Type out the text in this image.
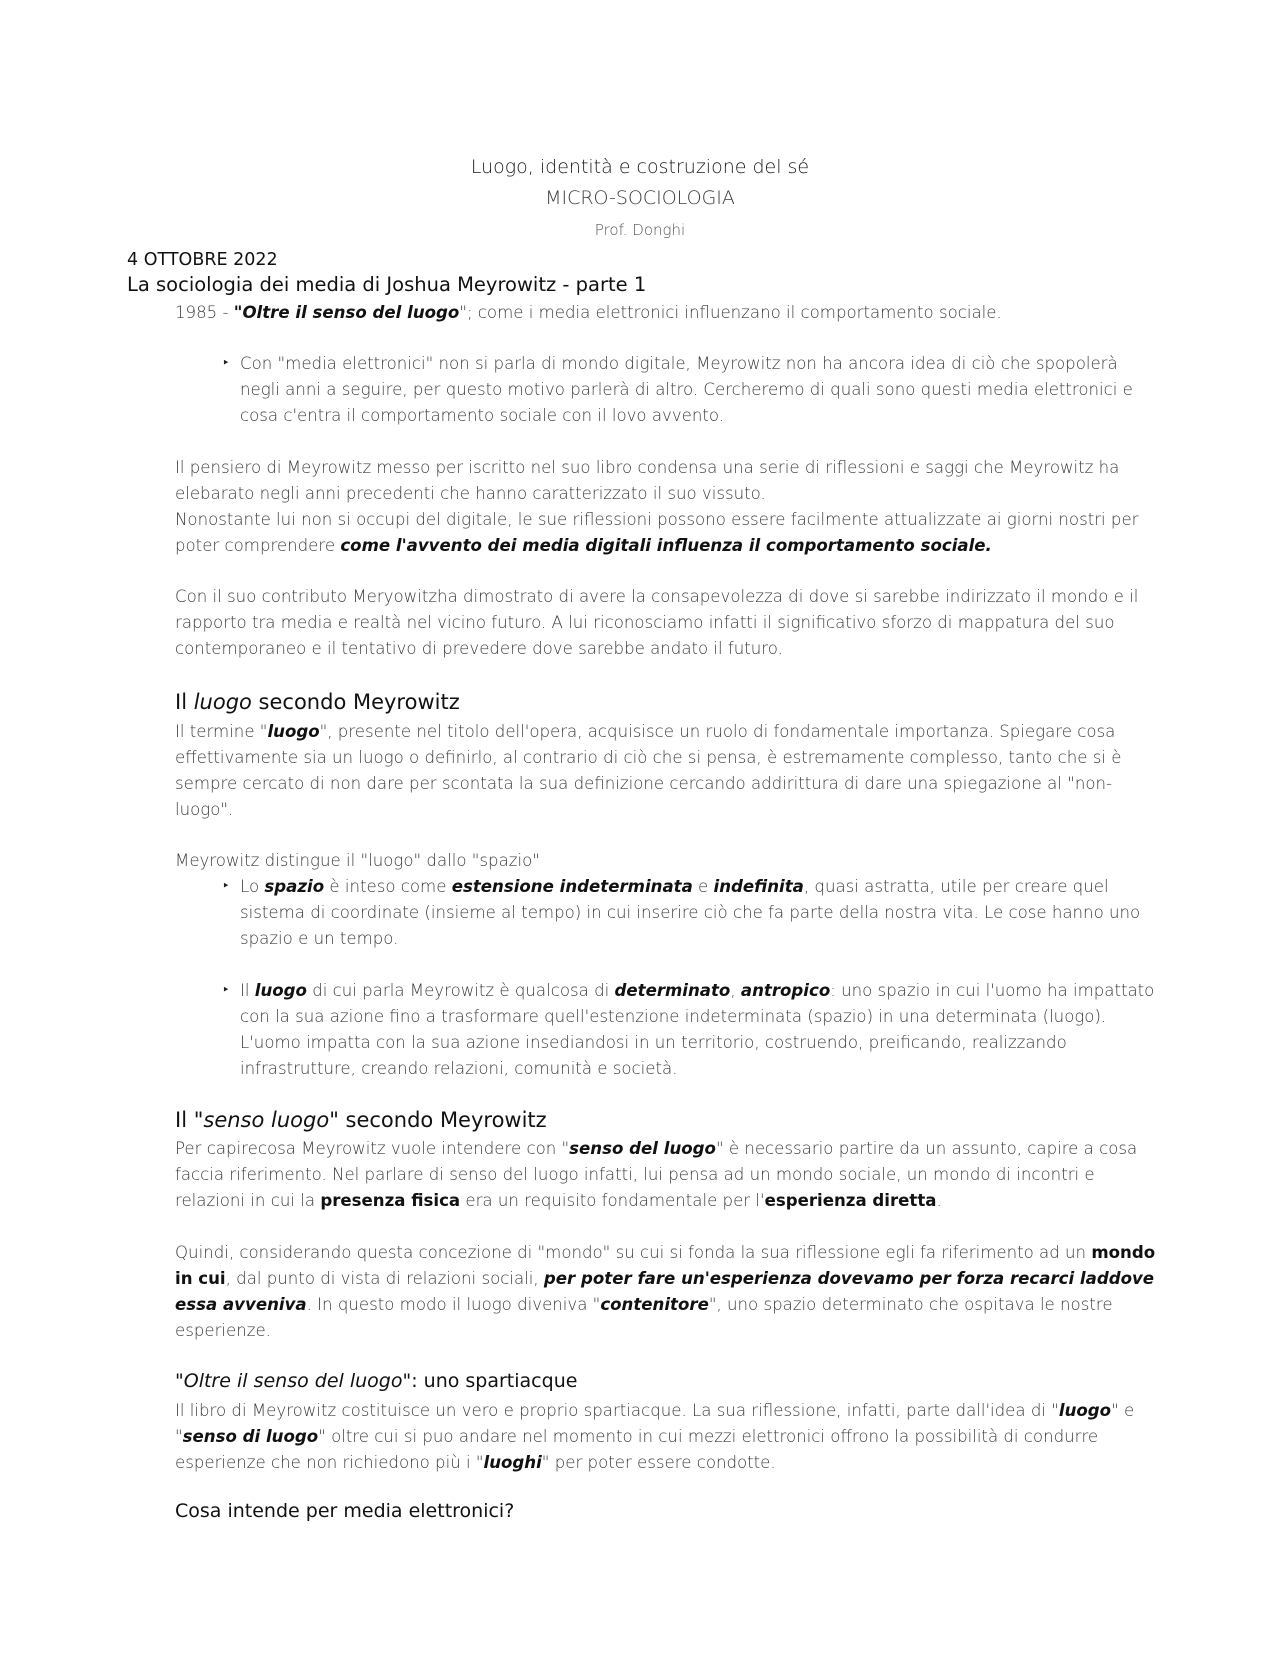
Luogo, identità e costruzione del sé
MICRO-SOCIOLOGIA
Prof. Donghi
4 OTTOBRE 2022
La sociologia dei media di Joshua Meyrowitz - parte 1
1985 - "Oltre il senso del luogo"; come i media elettronici influenzano il comportamento sociale.
‣ Con "media elettronici" non si parla di mondo digitale, Meyrowitz non ha ancora idea di ciò che spopolerà negli anni a seguire, per questo motivo parlerà di altro. Cercheremo di quali sono questi media elettronici e cosa c'entra il comportamento sociale con il lovo avvento.
Il pensiero di Meyrowitz messo per iscritto nel suo libro condensa una serie di riflessioni e saggi che Meyrowitz ha elebarato negli anni precedenti che hanno caratterizzato il suo vissuto.
Nonostante lui non si occupi del digitale, le sue riflessioni possono essere facilmente attualizzate ai giorni nostri per poter comprendere come l'avvento dei media digitali influenza il comportamento sociale.
Con il suo contributo Meryowitzha dimostrato di avere la consapevolezza di dove si sarebbe indirizzato il mondo e il rapporto tra media e realtà nel vicino futuro. A lui riconosciamo infatti il significativo sforzo di mappatura del suo contemporaneo e il tentativo di prevedere dove sarebbe andato il futuro.
Il luogo secondo Meyrowitz
Il termine "luogo", presente nel titolo dell'opera, acquisisce un ruolo di fondamentale importanza. Spiegare cosa effettivamente sia un luogo o definirlo, al contrario di ciò che si pensa, è estremamente complesso, tanto che si è sempre cercato di non dare per scontata la sua definizione cercando addirittura di dare una spiegazione al "non-luogo".
Meyrowitz distingue il "luogo" dallo "spazio"
‣ Lo spazio è inteso come estensione indeterminata e indefinita, quasi astratta, utile per creare quel sistema di coordinate (insieme al tempo) in cui inserire ciò che fa parte della nostra vita. Le cose hanno uno spazio e un tempo.
‣ Il luogo di cui parla Meyrowitz è qualcosa di determinato, antropico: uno spazio in cui l'uomo ha impattato con la sua azione fino a trasformare quell'estenzione indeterminata (spazio) in una determinata (luogo). L'uomo impatta con la sua azione insediandosi in un territorio, costruendo, preificando, realizzando infrastrutture, creando relazioni, comunità e società.
Il "senso luogo" secondo Meyrowitz
Per capirecosa Meyrowitz vuole intendere con "senso del luogo" è necessario partire da un assunto, capire a cosa faccia riferimento. Nel parlare di senso del luogo infatti, lui pensa ad un mondo sociale, un mondo di incontri e relazioni in cui la presenza fisica era un requisito fondamentale per l'esperienza diretta.
Quindi, considerando questa concezione di "mondo" su cui si fonda la sua riflessione egli fa riferimento ad un mondo in cui, dal punto di vista di relazioni sociali, per poter fare un'esperienza dovevamo per forza recarci laddove essa avveniva. In questo modo il luogo diveniva "contenitore", uno spazio determinato che ospitava le nostre esperienze.
"Oltre il senso del luogo": uno spartiacque
Il libro di Meyrowitz costituisce un vero e proprio spartiacque. La sua riflessione, infatti, parte dall'idea di "luogo" e "senso di luogo" oltre cui si puo andare nel momento in cui mezzi elettronici offrono la possibilità di condurre esperienze che non richiedono più i "luoghi" per poter essere condotte.
Cosa intende per media elettronici?
